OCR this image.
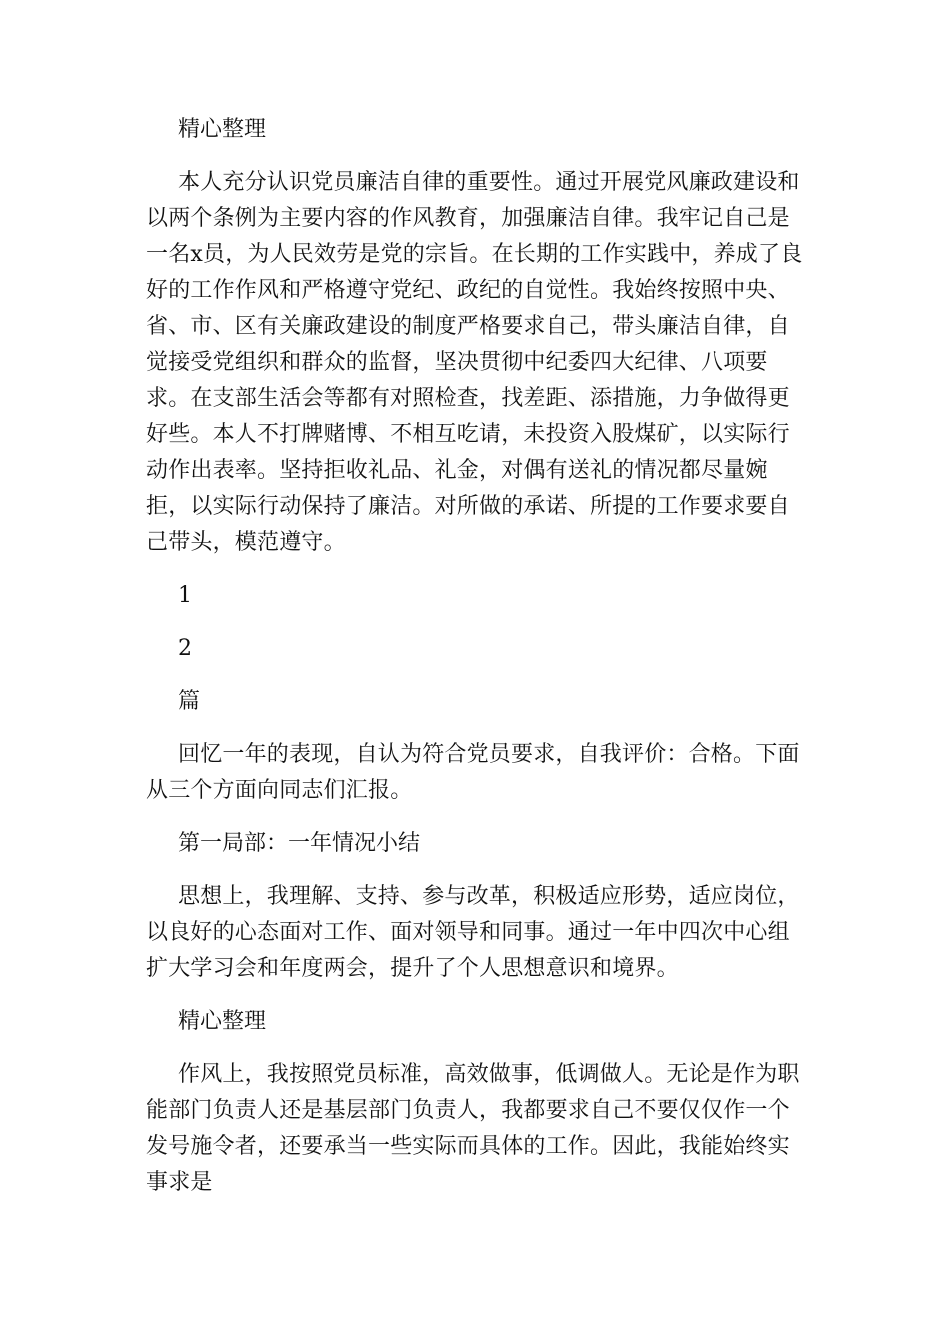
精心整理

本人充分认识党员廉洁自律的重要性。通过开展党风廉政建设和以两个条例为主要内容的作风教育，加强廉洁自律。我牢记自己是一名x员，为人民效劳是党的宗旨。在长期的工作实践中，养成了良好的工作作风和严格遵守党纪、政纪的自觉性。我始终按照中央、省、市、区有关廉政建设的制度严格要求自己，带头廉洁自律，自觉接受党组织和群众的监督，坚决贯彻中纪委四大纪律、八项要求。在支部生活会等都有对照检查，找差距、添措施，力争做得更好些。本人不打牌赌博、不相互吃请，未投资入股煤矿，以实际行动作出表率。坚持拒收礼品、礼金，对偶有送礼的情况都尽量婉拒，以实际行动保持了廉洁。对所做的承诺、所提的工作要求要自己带头，模范遵守。

1

2

篇

回忆一年的表现，自认为符合党员要求，自我评价：合格。下面从三个方面向同志们汇报。

第一局部：一年情况小结

思想上，我理解、支持、参与改革，积极适应形势，适应岗位，以良好的心态面对工作、面对领导和同事。通过一年中四次中心组扩大学习会和年度两会，提升了个人思想意识和境界。

精心整理

作风上，我按照党员标准，高效做事，低调做人。无论是作为职能部门负责人还是基层部门负责人，我都要求自己不要仅仅作一个发号施令者，还要承当一些实际而具体的工作。因此，我能始终实事求是
